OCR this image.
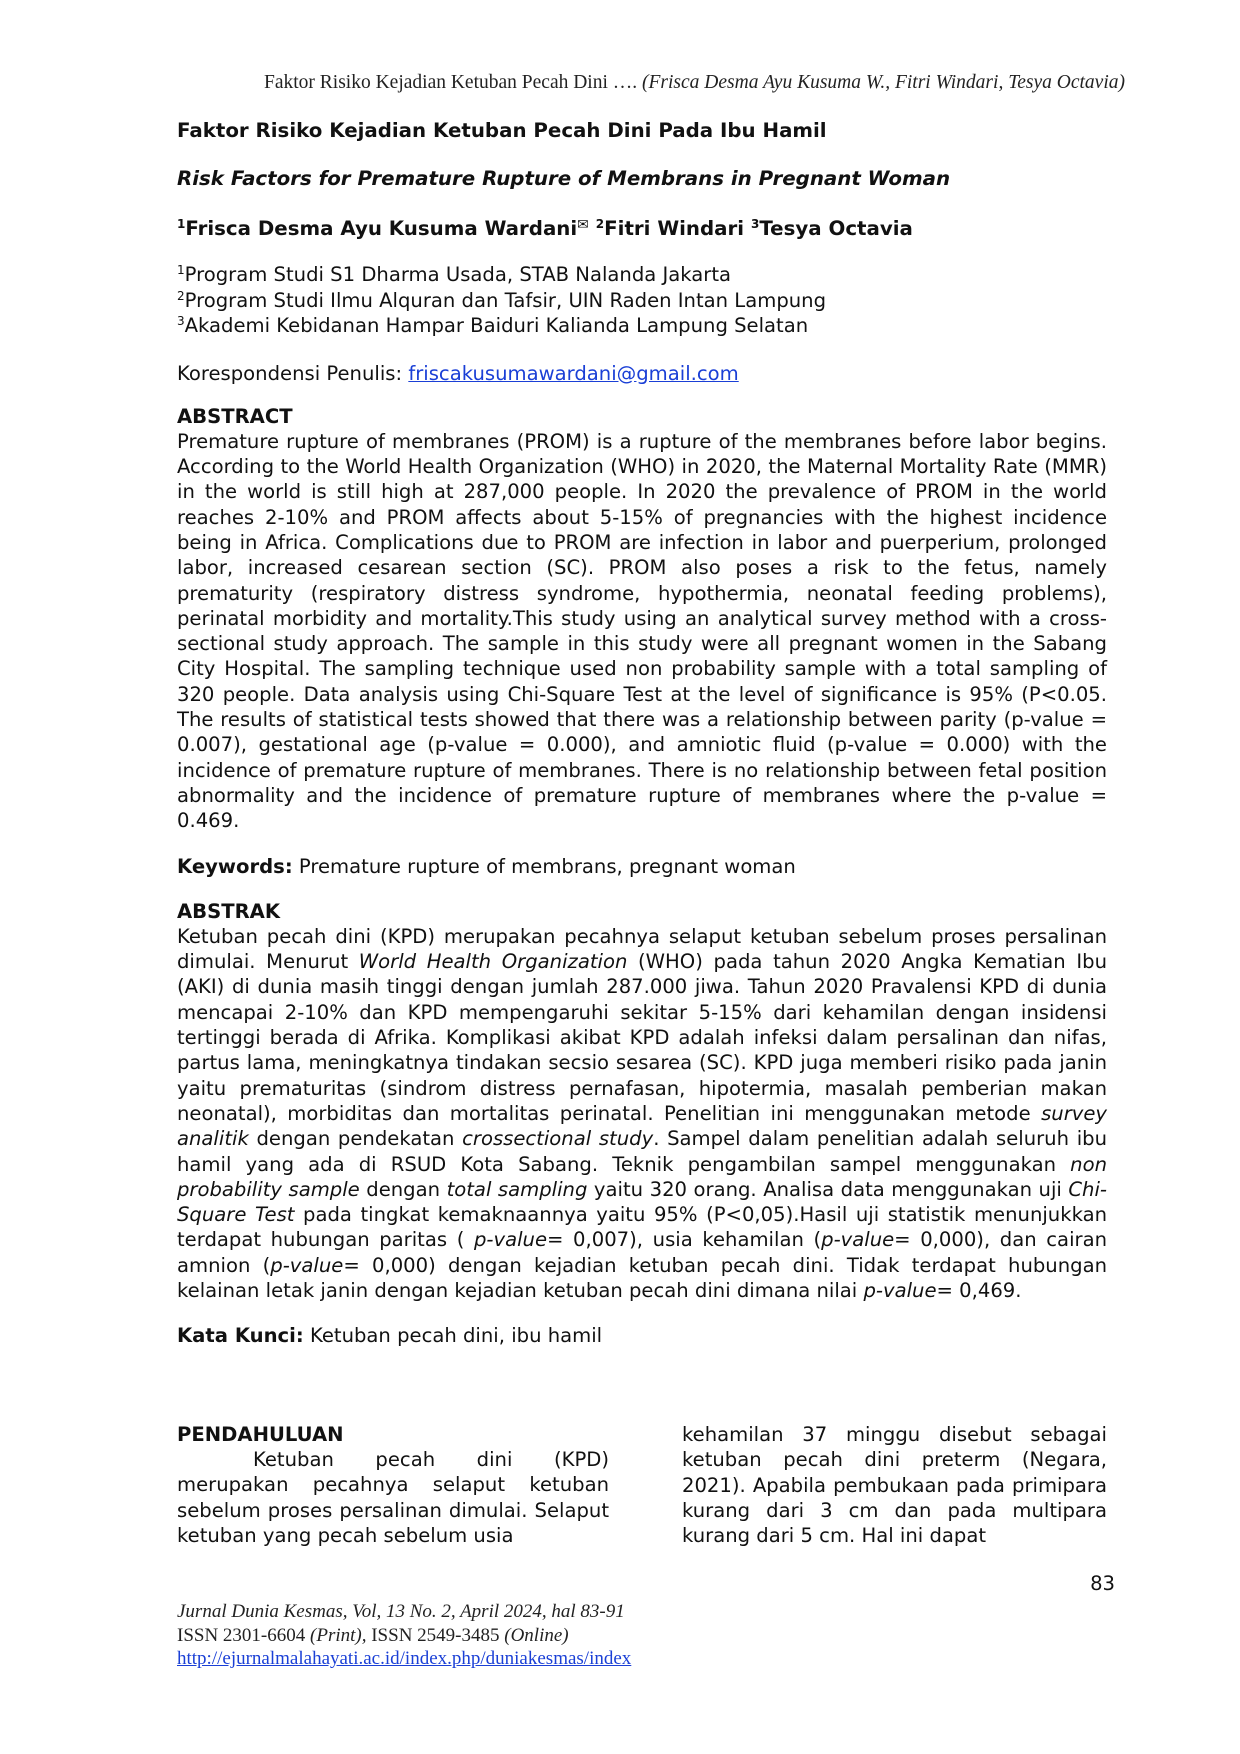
Faktor Risiko Kejadian Ketuban Pecah Dini …. (Frisca Desma Ayu Kusuma W., Fitri Windari, Tesya Octavia)

Faktor Risiko Kejadian Ketuban Pecah Dini Pada Ibu Hamil

Risk Factors for Premature Rupture of Membrans in Pregnant Woman

$^1$Frisca Desma Ayu Kusuma Wardani✉ $^2$Fitri Windari $^3$Tesya Octavia

$^1$Program Studi S1 Dharma Usada, STAB Nalanda Jakarta

$^2$Program Studi Ilmu Alquran dan Tafsir, UIN Raden Intan Lampung

$^3$Akademi Kebidanan Hampar Baiduri Kalianda Lampung Selatan

Korespondensi Penulis: friscakusumawardani@gmail.com

ABSTRACT

Premature rupture of membranes (PROM) is a rupture of the membranes before labor begins. According to the World Health Organization (WHO) in 2020, the Maternal Mortality Rate (MMR) in the world is still high at 287,000 people. In 2020 the prevalence of PROM in the world reaches 2-10% and PROM affects about 5-15% of pregnancies with the highest incidence being in Africa. Complications due to PROM are infection in labor and puerperium, prolonged labor, increased cesarean section (SC). PROM also poses a risk to the fetus, namely prematurity (respiratory distress syndrome, hypothermia, neonatal feeding problems), perinatal morbidity and mortality.This study using an analytical survey method with a cross-sectional study approach. The sample in this study were all pregnant women in the Sabang City Hospital. The sampling technique used non probability sample with a total sampling of 320 people. Data analysis using Chi-Square Test at the level of significance is 95% (P<0.05. The results of statistical tests showed that there was a relationship between parity (p-value = 0.007), gestational age (p-value = 0.000), and amniotic fluid (p-value = 0.000) with the incidence of premature rupture of membranes. There is no relationship between fetal position abnormality and the incidence of premature rupture of membranes where the p-value = 0.469.

Keywords: Premature rupture of membrans, pregnant woman

ABSTRAK

Ketuban pecah dini (KPD) merupakan pecahnya selaput ketuban sebelum proses persalinan dimulai. Menurut World Health Organization (WHO) pada tahun 2020 Angka Kematian Ibu (AKI) di dunia masih tinggi dengan jumlah 287.000 jiwa. Tahun 2020 Pravalensi KPD di dunia mencapai 2-10% dan KPD mempengaruhi sekitar 5-15% dari kehamilan dengan insidensi tertinggi berada di Afrika. Komplikasi akibat KPD adalah infeksi dalam persalinan dan nifas, partus lama, meningkatnya tindakan secsio sesarea (SC). KPD juga memberi risiko pada janin yaitu prematuritas (sindrom distress pernafasan, hipotermia, masalah pemberian makan neonatal), morbiditas dan mortalitas perinatal. Penelitian ini menggunakan metode survey analitik dengan pendekatan crossectional study. Sampel dalam penelitian adalah seluruh ibu hamil yang ada di RSUD Kota Sabang. Teknik pengambilan sampel menggunakan non probability sample dengan total sampling yaitu 320 orang. Analisa data menggunakan uji Chi-Square Test pada tingkat kemaknaannya yaitu 95% (P<0,05).Hasil uji statistik menunjukkan terdapat hubungan paritas ( p-value= 0,007), usia kehamilan (p-value= 0,000), dan cairan amnion (p-value= 0,000) dengan kejadian ketuban pecah dini. Tidak terdapat hubungan kelainan letak janin dengan kejadian ketuban pecah dini dimana nilai p-value= 0,469.

Kata Kunci: Ketuban pecah dini, ibu hamil

PENDAHULUAN

Ketuban pecah dini (KPD) merupakan pecahnya selaput ketuban sebelum proses persalinan dimulai. Selaput ketuban yang pecah sebelum usia

kehamilan 37 minggu disebut sebagai ketuban pecah dini preterm (Negara, 2021). Apabila pembukaan pada primipara kurang dari 3 cm dan pada multipara kurang dari 5 cm. Hal ini dapat

83
Jurnal Dunia Kesmas, Vol, 13 No. 2, April 2024, hal 83-91
ISSN 2301-6604 (Print), ISSN 2549-3485 (Online)
http://ejurnalmalahayati.ac.id/index.php/duniakesmas/index
